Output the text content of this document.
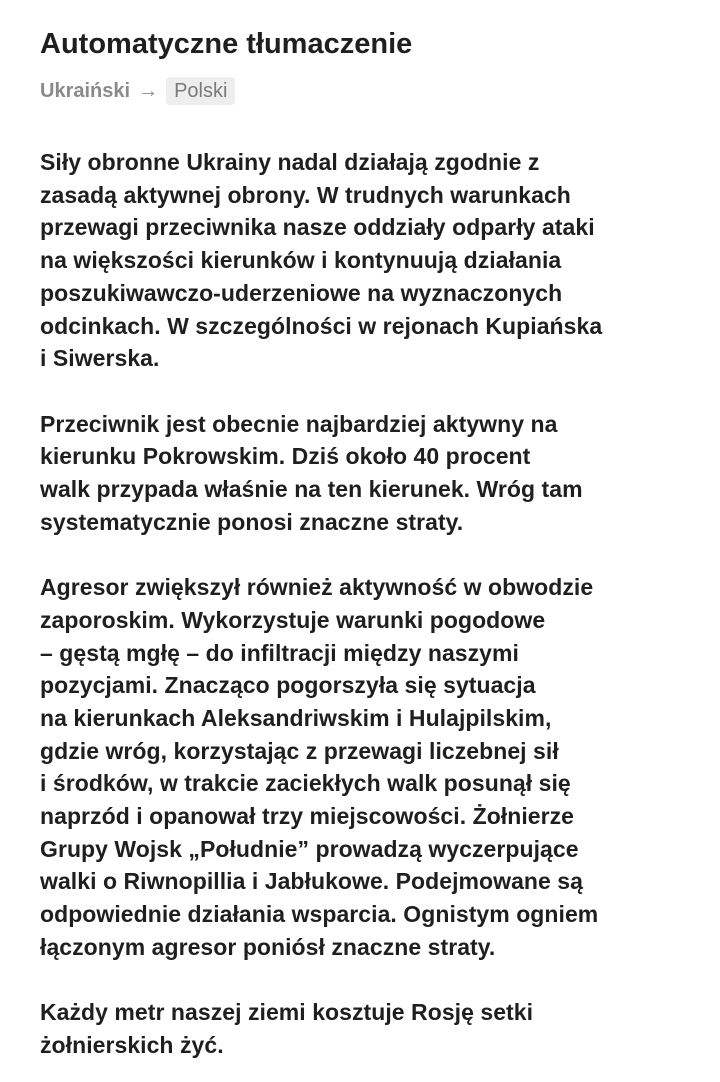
Automatyczne tłumaczenie
Ukraiński → Polski

Siły obronne Ukrainy nadal działają zgodnie z
zasadą aktywnej obrony. W trudnych warunkach
przewagi przeciwnika nasze oddziały odparły ataki
na większości kierunków i kontynuują działania
poszukiwawczo-uderzeniowe na wyznaczonych
odcinkach. W szczególności w rejonach Kupiańska
i Siwerska.

Przeciwnik jest obecnie najbardziej aktywny na
kierunku Pokrowskim. Dziś około 40 procent
walk przypada właśnie na ten kierunek. Wróg tam
systematycznie ponosi znaczne straty.

Agresor zwiększył również aktywność w obwodzie
zaporoskim. Wykorzystuje warunki pogodowe
– gęstą mgłę – do infiltracji między naszymi
pozycjami. Znacząco pogorszyła się sytuacja
na kierunkach Aleksandriwskim i Hulajpilskim,
gdzie wróg, korzystając z przewagi liczebnej sił
i środków, w trakcie zaciekłych walk posunął się
naprzód i opanował trzy miejscowości. Żołnierze
Grupy Wojsk „Południe” prowadzą wyczerpujące
walki o Riwnopillia i Jabłukowe. Podejmowane są
odpowiednie działania wsparcia. Ognistym ogniem
łączonym agresor poniósł znaczne straty.

Każdy metr naszej ziemi kosztuje Rosję setki
żołnierskich żyć.
